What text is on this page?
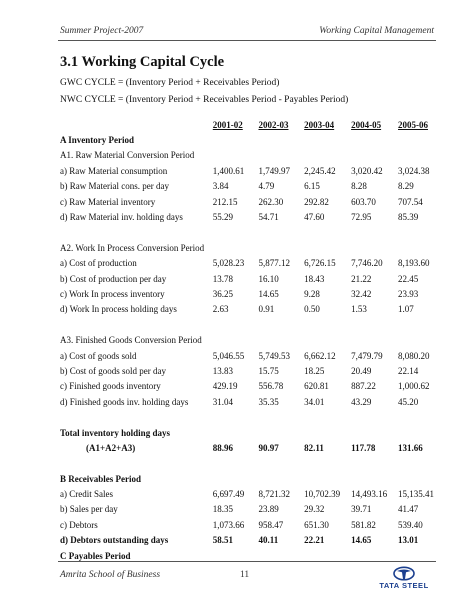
Summer Project-2007	Working Capital Management
3.1 Working Capital Cycle
GWC CYCLE = (Inventory Period + Receivables Period)
NWC CYCLE = (Inventory Period + Receivables Period - Payables Period)
	2001-02	2002-03	2003-04	2004-05	2005-06
A Inventory Period					
A1. Raw Material Conversion Period					
a) Raw Material consumption	1,400.61	1,749.97	2,245.42	3,020.42	3,024.38
b) Raw Material cons. per day	3.84	4.79	6.15	8.28	8.29
c) Raw Material inventory	212.15	262.30	292.82	603.70	707.54
d) Raw Material inv. holding days	55.29	54.71	47.60	72.95	85.39

A2. Work In Process Conversion Period					
a) Cost of production	5,028.23	5,877.12	6,726.15	7,746.20	8,193.60
b) Cost of production per day	13.78	16.10	18.43	21.22	22.45
c) Work In process inventory	36.25	14.65	9.28	32.42	23.93
d) Work In process holding days	2.63	0.91	0.50	1.53	1.07

A3. Finished Goods Conversion Period					
a) Cost of goods sold	5,046.55	5,749.53	6,662.12	7,479.79	8,080.20
b) Cost of goods sold per day	13.83	15.75	18.25	20.49	22.14
c) Finished goods inventory	429.19	556.78	620.81	887.22	1,000.62
d) Finished goods inv. holding days	31.04	35.35	34.01	43.29	45.20

Total inventory holding days					
(A1+A2+A3)	88.96	90.97	82.11	117.78	131.66

B Receivables Period					
a) Credit Sales	6,697.49	8,721.32	10,702.39	14,493.16	15,135.41
b) Sales per day	18.35	23.89	29.32	39.71	41.47
c) Debtors	1,073.66	958.47	651.30	581.82	539.40
d) Debtors outstanding days	58.51	40.11	22.21	14.65	13.01
C Payables Period					
Amrita School of Business	11
TATA STEEL
